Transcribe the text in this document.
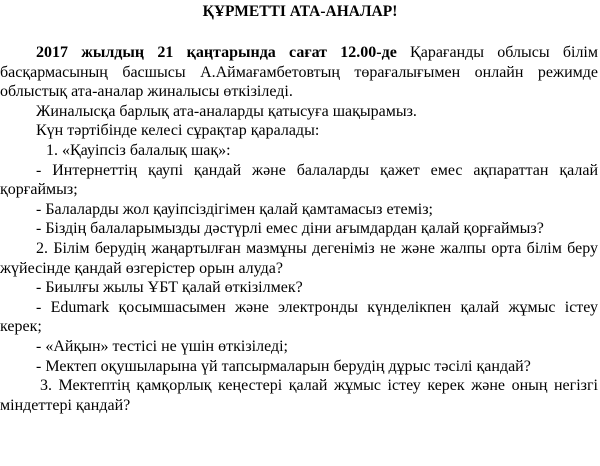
ҚҰРМЕТТІ АТА-АНАЛАР!

2017 жылдың 21 қаңтарында сағат 12.00-де Қарағанды облысы білім басқармасының басшысы А.Аймағамбетовтың төрағалығымен онлайн режимде облыстық ата-аналар жиналысы өткізіледі.

Жиналысқа барлық ата-аналарды қатысуға шақырамыз.

Күн тәртібінде келесі сұрақтар қаралады:

1. «Қауіпсіз балалық шақ»:

- Интернеттің қаупі қандай және балаларды қажет емес ақпараттан қалай қорғаймыз;

- Балаларды жол қауіпсіздігімен қалай қамтамасыз етеміз;

- Біздің балаларымызды дәстүрлі емес діни ағымдардан қалай қорғаймыз?

2. Білім берудің жаңартылған мазмұны дегеніміз не және жалпы орта білім беру жүйесінде қандай өзгерістер орын алуда?

- Биылғы жылы ҰБТ қалай өткізілмек?

- Edumark қосымшасымен және электронды күнделікпен қалай жұмыс істеу керек;

- «Айқын» тестісі не үшін өткізіледі;

- Мектеп оқушыларына үй тапсырмаларын берудің дұрыс тәсілі қандай?

3. Мектептің қамқорлық кеңестері қалай жұмыс істеу керек және оның негізгі міндеттері қандай?
